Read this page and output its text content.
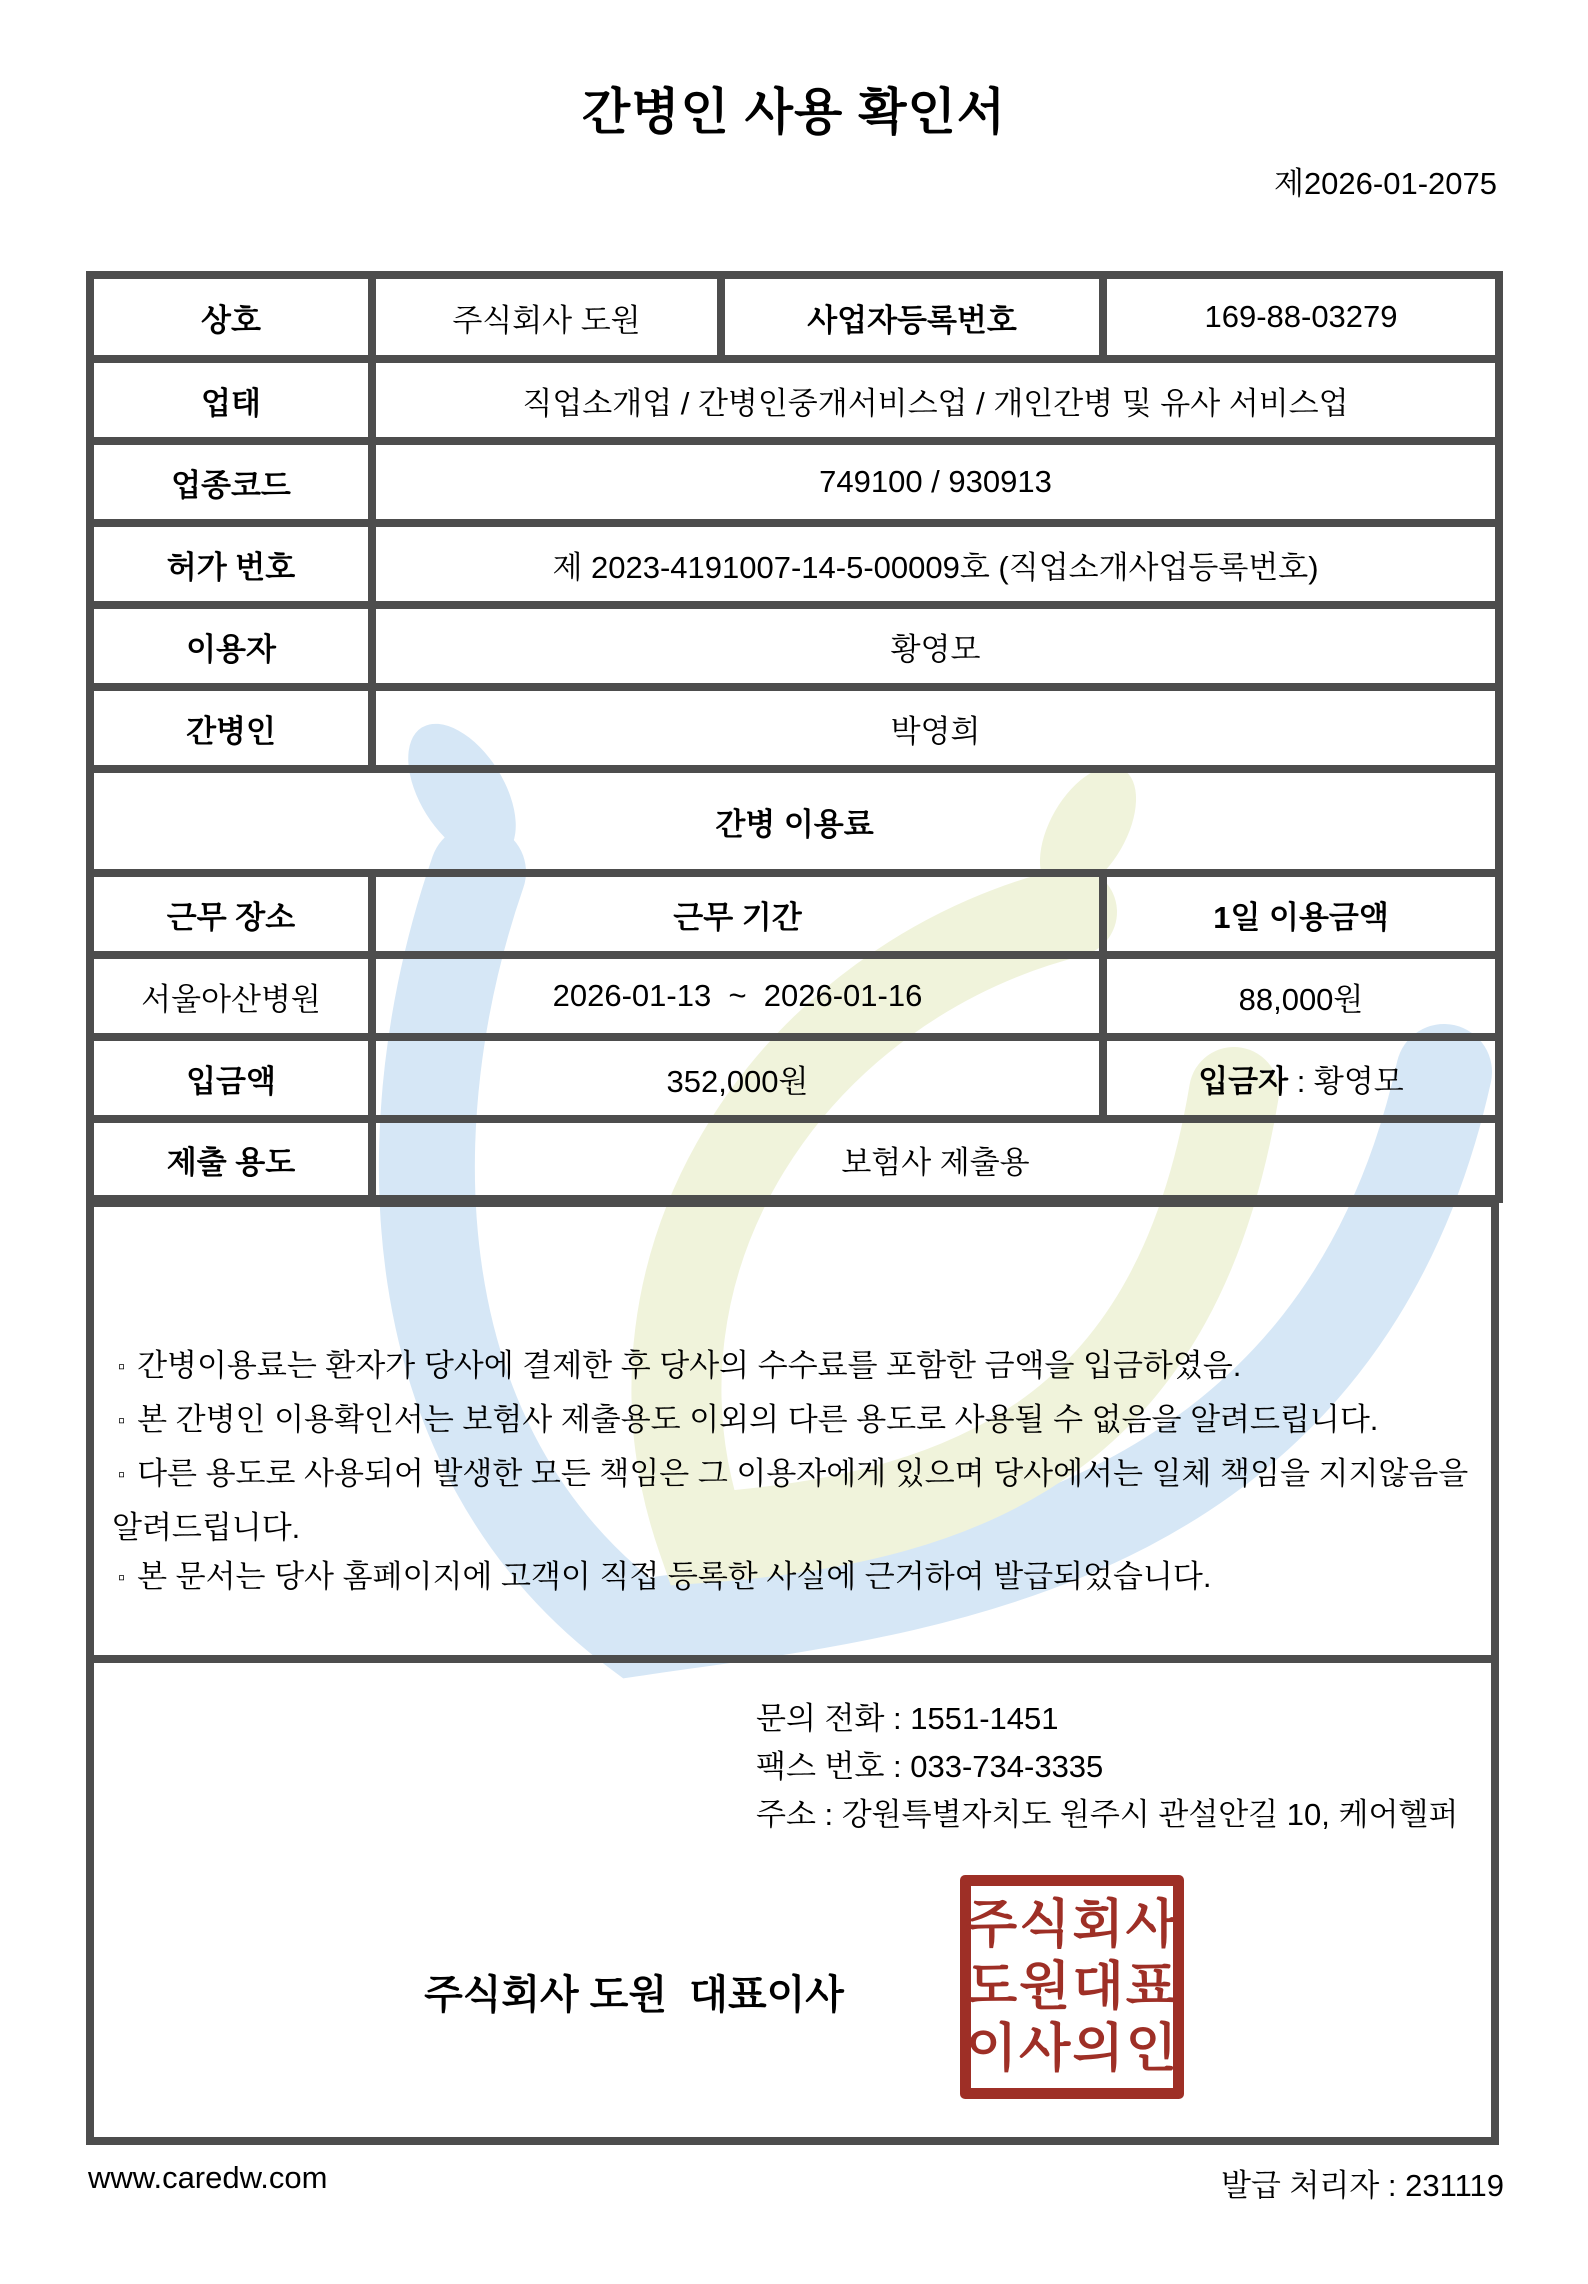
간병인 사용 확인서
제2026-01-2075
상호	주식회사 도원	사업자등록번호	169-88-03279
업태	직업소개업 / 간병인중개서비스업 / 개인간병 및 유사 서비스업		
업종코드	749100 / 930913		
허가 번호	제 2023-4191007-14-5-00009호 (직업소개사업등록번호)		
이용자	황영모		
간병인	박영희		
간병 이용료			
근무 장소	근무 기간		1일 이용금액
서울아산병원	2026-01-13  ~  2026-01-16		88,000원
입금액	352,000원		입금자 : 황영모
제출 용도	보험사 제출용		
▫ 간병이용료는 환자가 당사에 결제한 후 당사의 수수료를 포함한 금액을 입금하였음.
▫ 본 간병인 이용확인서는 보험사 제출용도 이외의 다른 용도로 사용될 수 없음을 알려드립니다.
▫ 다른 용도로 사용되어 발생한 모든 책임은 그 이용자에게 있으며 당사에서는 일체 책임을 지지않음을 알려드립니다.
▫ 본 문서는 당사 홈페이지에 고객이 직접 등록한 사실에 근거하여 발급되었습니다.
문의 전화 : 1551-1451
팩스 번호 : 033-734-3335
주소 : 강원특별자치도 원주시 관설안길 10, 케어헬퍼
주식회사 도원  대표이사
주식회사
도원대표
이사의인
www.caredw.com	발급 처리자 : 231119
